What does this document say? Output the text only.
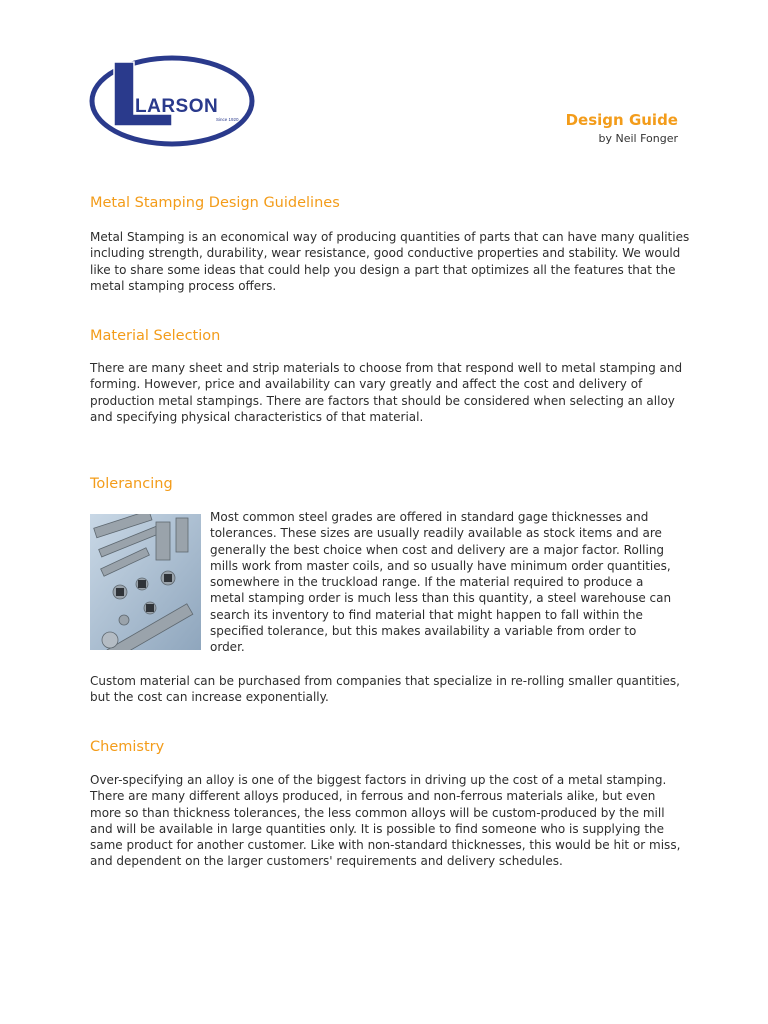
LARSON
Since 1920	Design Guide
by Neil Fonger
Metal Stamping Design Guidelines

Metal Stamping is an economical way of producing quantities of parts that can have many qualities including strength, durability, wear resistance, good conductive properties and stability. We would like to share some ideas that could help you design a part that optimizes all the features that the metal stamping process offers.

Material Selection

There are many sheet and strip materials to choose from that respond well to metal stamping and forming. However, price and availability can vary greatly and affect the cost and delivery of production metal stampings. There are factors that should be considered when selecting an alloy and specifying physical characteristics of that material.

Tolerancing

Most common steel grades are offered in standard gage thicknesses and tolerances. These sizes are usually readily available as stock items and are generally the best choice when cost and delivery are a major factor. Rolling mills work from master coils, and so usually have minimum order quantities, somewhere in the truckload range. If the material required to produce a metal stamping order is much less than this quantity, a steel warehouse can search its inventory to find material that might happen to fall within the specified tolerance, but this makes availability a variable from order to order.

Custom material can be purchased from companies that specialize in re-rolling smaller quantities, but the cost can increase exponentially.

Chemistry

Over-specifying an alloy is one of the biggest factors in driving up the cost of a metal stamping. There are many different alloys produced, in ferrous and non-ferrous materials alike, but even more so than thickness tolerances, the less common alloys will be custom-produced by the mill and will be available in large quantities only. It is possible to find someone who is supplying the same product for another customer. Like with non-standard thicknesses, this would be hit or miss, and dependent on the larger customers' requirements and delivery schedules.
